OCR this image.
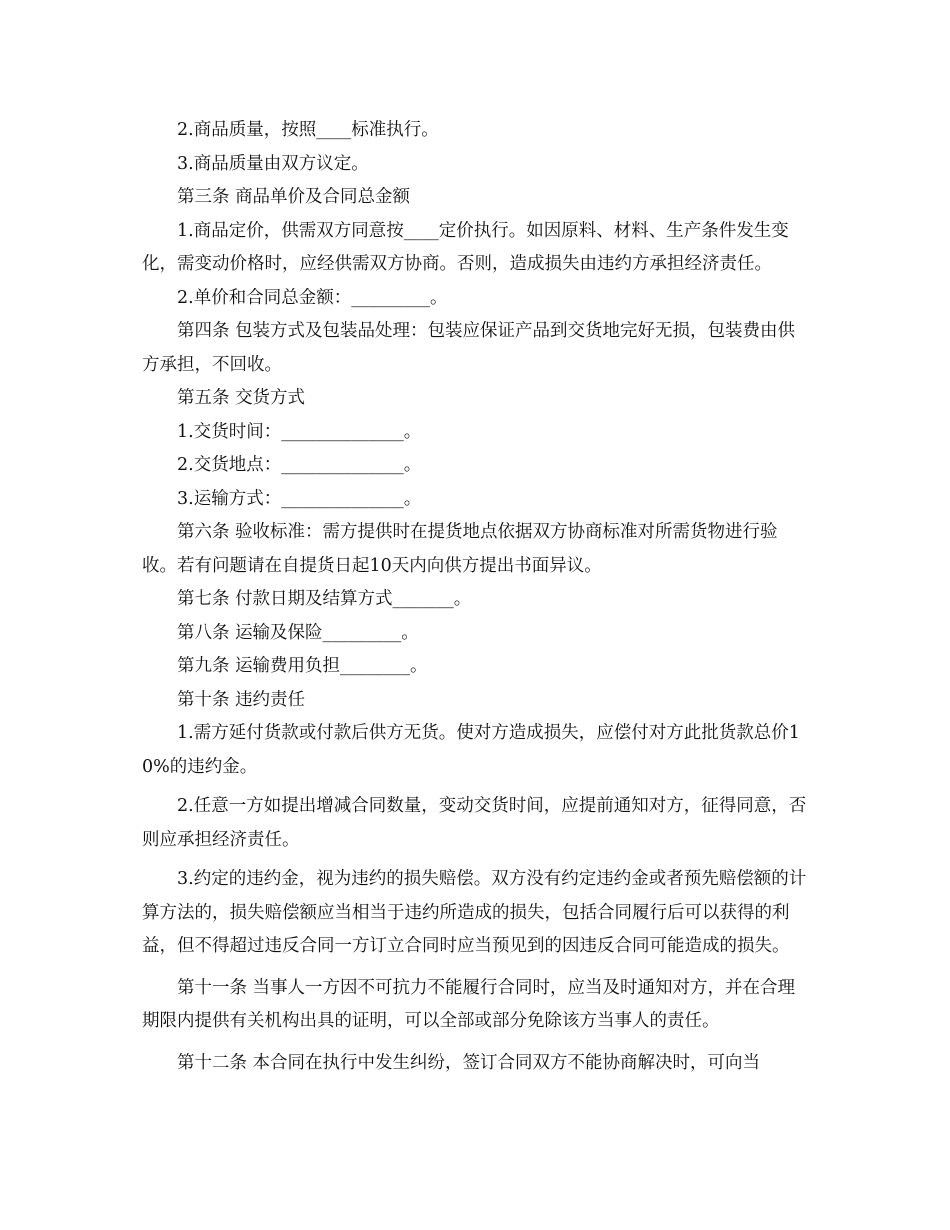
2.商品质量，按照____标准执行。

3.商品质量由双方议定。

第三条 商品单价及合同总金额

1.商品定价，供需双方同意按____定价执行。如因原料、材料、生产条件发生变化，需变动价格时，应经供需双方协商。否则，造成损失由违约方承担经济责任。

2.单价和合同总金额：_________。

第四条 包装方式及包装品处理：包装应保证产品到交货地完好无损，包装费由供方承担，不回收。

第五条 交货方式

1.交货时间：______________。

2.交货地点：______________。

3.运输方式：______________。

第六条 验收标准：需方提供时在提货地点依据双方协商标准对所需货物进行验收。若有问题请在自提货日起10天内向供方提出书面异议。

第七条 付款日期及结算方式_______。

第八条 运输及保险_________。

第九条 运输费用负担________。

第十条 违约责任

1.需方延付货款或付款后供方无货。使对方造成损失，应偿付对方此批货款总价10%的违约金。

2.任意一方如提出增减合同数量，变动交货时间，应提前通知对方，征得同意，否则应承担经济责任。

3.约定的违约金，视为违约的损失赔偿。双方没有约定违约金或者预先赔偿额的计算方法的，损失赔偿额应当相当于违约所造成的损失，包括合同履行后可以获得的利益，但不得超过违反合同一方订立合同时应当预见到的因违反合同可能造成的损失。

第十一条 当事人一方因不可抗力不能履行合同时，应当及时通知对方，并在合理期限内提供有关机构出具的证明，可以全部或部分免除该方当事人的责任。

第十二条 本合同在执行中发生纠纷，签订合同双方不能协商解决时，可向当
